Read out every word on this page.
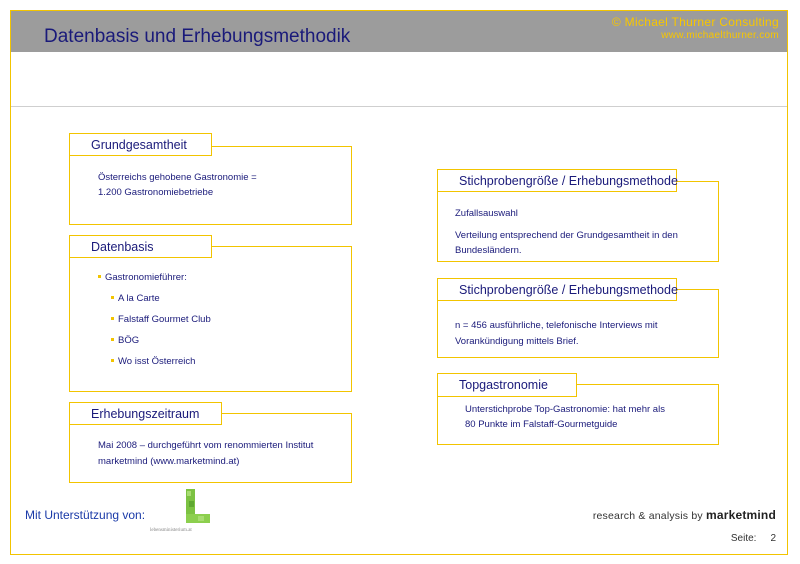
Datenbasis und Erhebungsmethodik
© Michael Thurner Consulting
www.michaelthurner.com
Grundgesamtheit
Österreichs gehobene Gastronomie =
1.200 Gastronomiebetriebe
Datenbasis
Gastronomieführer:
A la Carte
Falstaff Gourmet Club
BÖG
Wo isst Österreich
Erhebungszeitraum
Mai 2008 – durchgeführt vom renommierten Institut
marketmind (www.marketmind.at)
Stichprobengröße / Erhebungsmethode
Zufallsauswahl
Verteilung entsprechend der Grundgesamtheit in den
Bundesländern.
Stichprobengröße / Erhebungsmethode
n = 456 ausführliche, telefonische Interviews mit
Vorankündigung mittels Brief.
Topgastronomie
Unterstichprobe Top-Gastronomie: hat mehr als
80 Punkte im Falstaff-Gourmetguide
Mit Unterstützung von:
lebensministerium.at
research & analysis by marketmind
Seite: 2
